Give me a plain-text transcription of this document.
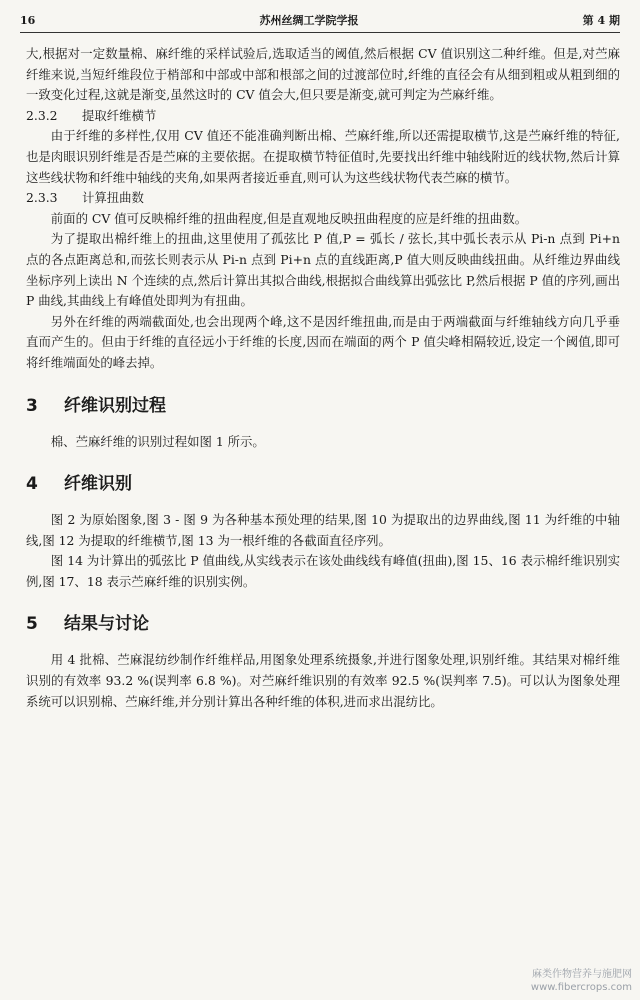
16	苏州丝绸工学院学报	第 4 期

大,根据对一定数量棉、麻纤维的采样试验后,选取适当的阈值,然后根据 CV 值识别这二种纤维。但是,对苎麻纤维来说,当短纤维段位于梢部和中部或中部和根部之间的过渡部位时,纤维的直径会有从细到粗或从粗到细的一致变化过程,这就是渐变,虽然这时的 CV 值会大,但只要是渐变,就可判定为苎麻纤维。

2.3.2 提取纤维横节

由于纤维的多样性,仅用 CV 值还不能准确判断出棉、苎麻纤维,所以还需提取横节,这是苎麻纤维的特征,也是肉眼识别纤维是否是苎麻的主要依据。在提取横节特征值时,先要找出纤维中轴线附近的线状物,然后计算这些线状物和纤维中轴线的夹角,如果两者接近垂直,则可认为这些线状物代表苎麻的横节。

2.3.3 计算扭曲数

前面的 CV 值可反映棉纤维的扭曲程度,但是直观地反映扭曲程度的应是纤维的扭曲数。

为了提取出棉纤维上的扭曲,这里使用了孤弦比 P 值,P = 弧长 / 弦长,其中弧长表示从 Pi-n 点到 Pi+n 点的各点距离总和,而弦长则表示从 Pi-n 点到 Pi+n 点的直线距离,P 值大则反映曲线扭曲。从纤维边界曲线坐标序列上读出 N 个连续的点,然后计算出其拟合曲线,根据拟合曲线算出弧弦比 P,然后根据 P 值的序列,画出 P 曲线,其曲线上有峰值处即判为有扭曲。

另外在纤维的两端截面处,也会出现两个峰,这不是因纤维扭曲,而是由于两端截面与纤维轴线方向几乎垂直而产生的。但由于纤维的直径远小于纤维的长度,因而在端面的两个 P 值尖峰相隔较近,设定一个阈值,即可将纤维端面处的峰去掉。

3 纤维识别过程

棉、苎麻纤维的识别过程如图 1 所示。

4 纤维识别

图 2 为原始图象,图 3 - 图 9 为各种基本预处理的结果,图 10 为提取出的边界曲线,图 11 为纤维的中轴线,图 12 为提取的纤维横节,图 13 为一根纤维的各截面直径序列。

图 14 为计算出的弧弦比 P 值曲线,从实线表示在该处曲线线有峰值(扭曲),图 15、16 表示棉纤维识别实例,图 17、18 表示苎麻纤维的识别实例。

5 结果与讨论

用 4 批棉、苎麻混纺纱制作纤维样品,用图象处理系统摄象,并进行图象处理,识别纤维。其结果对棉纤维识别的有效率 93.2 %(误判率 6.8 %)。对苎麻纤维识别的有效率 92.5 %(误判率 7.5)。可以认为图象处理系统可以识别棉、苎麻纤维,并分别计算出各种纤维的体积,进而求出混纺比。

麻类作物营养与施肥网
www.fibercrops.com
